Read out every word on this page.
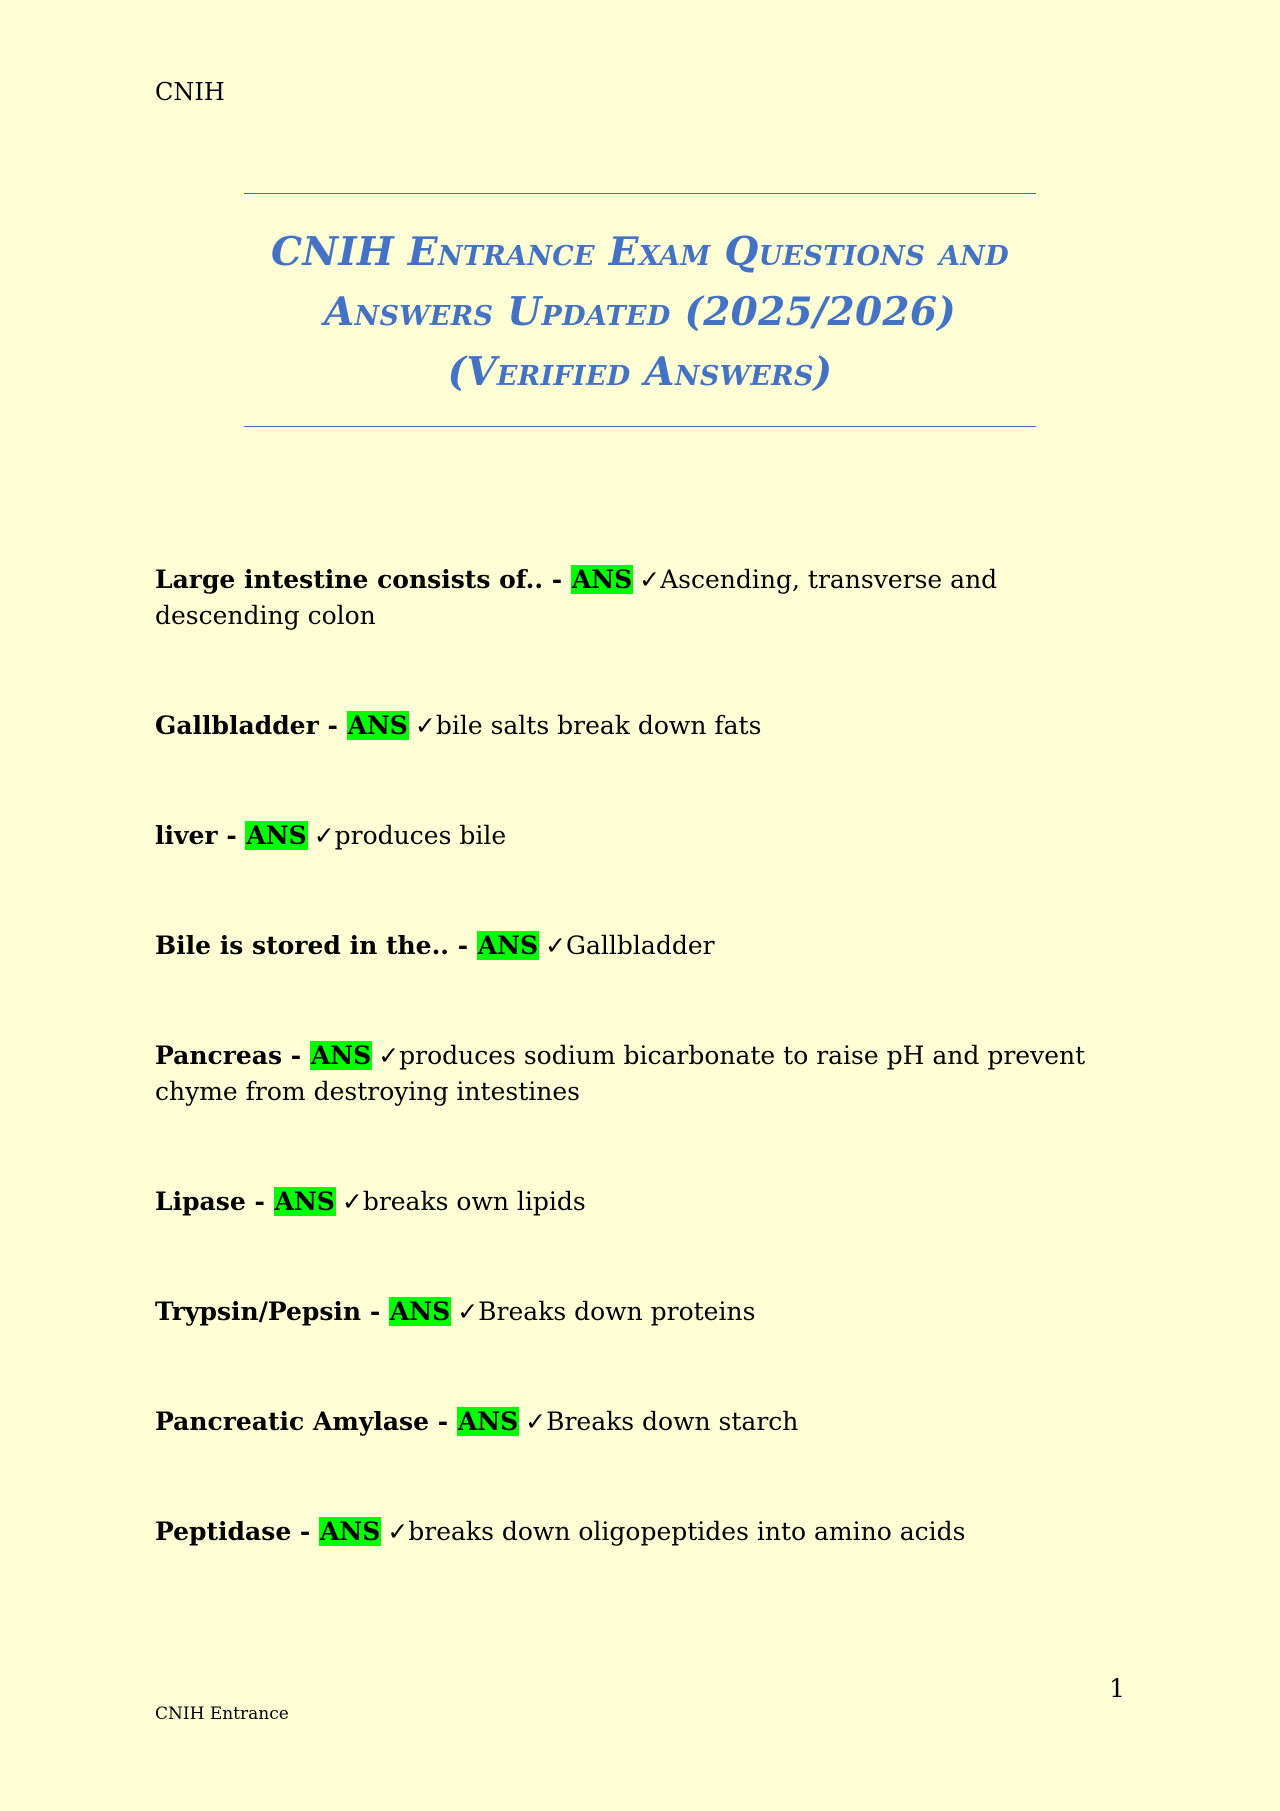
CNIH
CNIH Entrance Exam Questions and
Answers Updated (2025/2026)
(Verified Answers)
Large intestine consists of.. - ANS ✓Ascending, transverse and descending colon
Gallbladder - ANS ✓bile salts break down fats
liver - ANS ✓produces bile
Bile is stored in the.. - ANS ✓Gallbladder
Pancreas - ANS ✓produces sodium bicarbonate to raise pH and prevent chyme from destroying intestines
Lipase - ANS ✓breaks own lipids
Trypsin/Pepsin - ANS ✓Breaks down proteins
Pancreatic Amylase - ANS ✓Breaks down starch
Peptidase - ANS ✓breaks down oligopeptides into amino acids
1
CNIH Entrance
